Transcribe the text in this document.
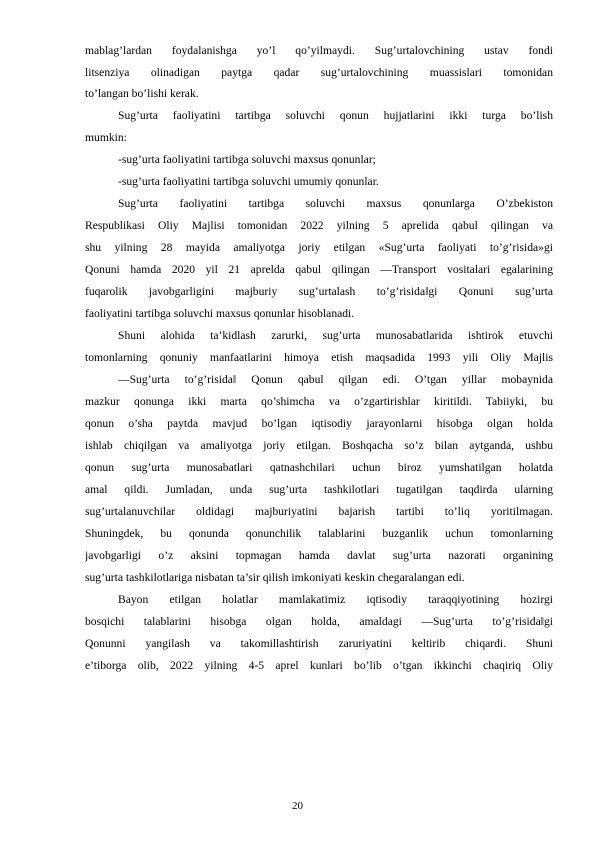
mablag’lardan foydalanishga yo’l qo’yilmaydi. Sug’urtalovchining ustav fondi
litsenziya olinadigan paytga qadar sug’urtalovchining muassislari tomonidan
to’langan bo’lishi kerak.
Sug’urta faoliyatini tartibga soluvchi qonun hujjatlarini ikki turga bo’lish
mumkin:
-sug’urta faoliyatini tartibga soluvchi maxsus qonunlar;
-sug’urta faoliyatini tartibga soluvchi umumiy qonunlar.
Sug’urta faoliyatini tartibga soluvchi maxsus qonunlarga O’zbekiston
Respublikasi Oliy Majlisi tomonidan 2022 yilning 5 aprelida qabul qilingan va
shu yilning 28 mayida amaliyotga joriy etilgan «Sug’urta faoliyati to’g’risida»gi
Qonuni hamda 2020 yil 21 aprelda qabul qilingan ―Transport vositalari egalarining
fuqarolik javobgarligini majburiy sug’urtalash to’g’risida‖gi Qonuni sug’urta
faoliyatini tartibga soluvchi maxsus qonunlar hisoblanadi.
Shuni alohida ta’kidlash zarurki, sug’urta munosabatlarida ishtirok etuvchi
tomonlarning qonuniy manfaatlarini himoya etish maqsadida 1993 yili Oliy Majlis
―Sug’urta to’g’risida‖ Qonun qabul qilgan edi. O’tgan yillar mobaynida
mazkur qonunga ikki marta qo’shimcha va o’zgartirishlar kiritildi. Tabiiyki, bu
qonun o’sha paytda mavjud bo’lgan iqtisodiy jarayonlarni hisobga olgan holda
ishlab chiqilgan va amaliyotga joriy etilgan. Boshqacha so’z bilan aytganda, ushbu
qonun sug’urta munosabatlari qatnashchilari uchun biroz yumshatilgan holatda
amal qildi. Jumladan, unda sug’urta tashkilotlari tugatilgan taqdirda ularning
sug’urtalanuvchilar oldidagi majburiyatini bajarish tartibi to’liq yoritilmagan.
Shuningdek, bu qonunda qonunchilik talablarini buzganlik uchun tomonlarning
javobgarligi o’z aksini topmagan hamda davlat sug’urta nazorati organining
sug’urta tashkilotlariga nisbatan ta’sir qilish imkoniyati keskin chegaralangan edi.
Bayon etilgan holatlar mamlakatimiz iqtisodiy taraqqiyotining hozirgi
bosqichi talablarini hisobga olgan holda, amaldagi ―Sug’urta to’g’risida‖gi
Qonunni yangilash va takomillashtirish zaruriyatini keltirib chiqardi. Shuni
e’tiborga olib, 2022 yilning 4-5 aprel kunlari bo’lib o’tgan ikkinchi chaqiriq Oliy
20
